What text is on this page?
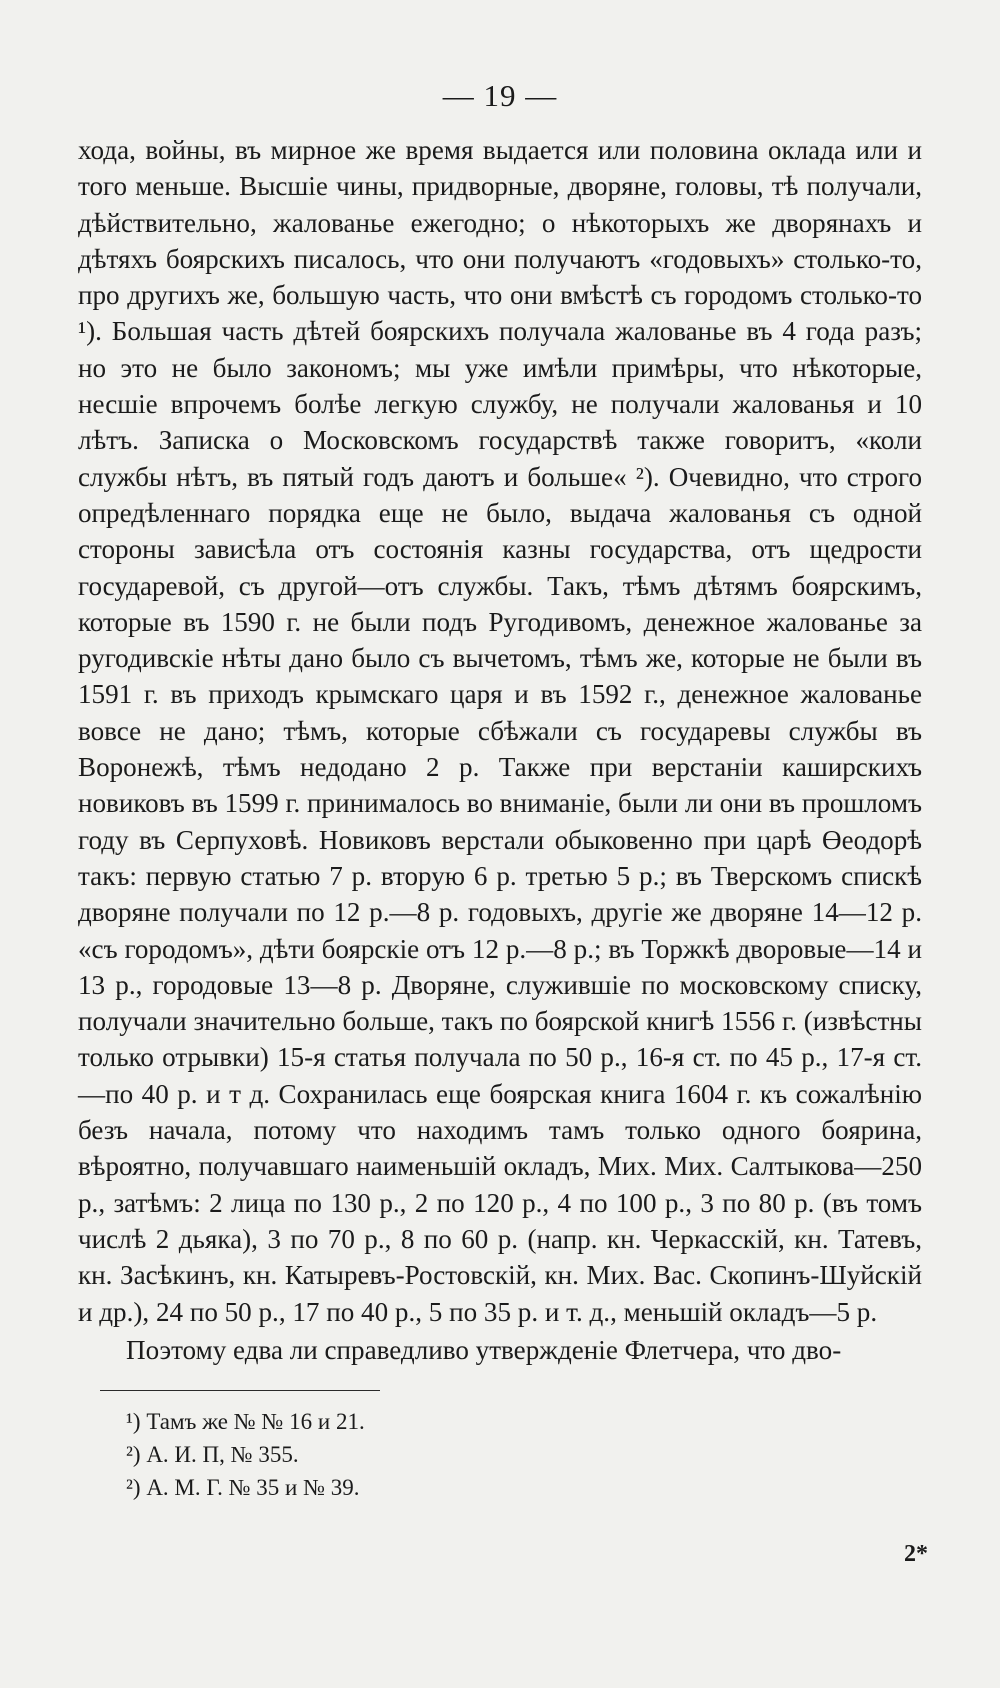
— 19 —

хода, войны, въ мирное же время выдается или половина оклада или и того меньше. Высшіе чины, придворные, дворяне, головы, тѣ получали, дѣйствительно, жалованье ежегодно; о нѣкоторыхъ же дворянахъ и дѣтяхъ боярскихъ писалось, что они получаютъ «годовыхъ» столько-то, про другихъ же, большую часть, что они вмѣстѣ съ городомъ столько-то ¹). Большая часть дѣтей боярскихъ получала жалованье въ 4 года разъ; но это не было закономъ; мы уже имѣли примѣры, что нѣкоторые, несшіе впрочемъ болѣе легкую службу, не получали жалованья и 10 лѣтъ. Записка о Московскомъ государствѣ также говоритъ, «коли службы нѣтъ, въ пятый годъ даютъ и больше« ²). Очевидно, что строго опредѣленнаго порядка еще не было, выдача жалованья съ одной стороны зависѣла отъ состоянія казны государства, отъ щедрости государевой, съ другой—отъ службы. Такъ, тѣмъ дѣтямъ боярскимъ, которые въ 1590 г. не были подъ Ругодивомъ, денежное жалованье за ругодивскіе нѣты дано было съ вычетомъ, тѣмъ же, которые не были въ 1591 г. въ приходъ крымскаго царя и въ 1592 г., денежное жалованье вовсе не дано; тѣмъ, которые сбѣжали съ государевы службы въ Воронежѣ, тѣмъ недодано 2 р. Также при верстаніи каширскихъ новиковъ въ 1599 г. принималось во вниманіе, были ли они въ прошломъ году въ Серпуховѣ. Новиковъ верстали обыковенно при царѣ Өеодорѣ такъ: первую статью 7 р. вторую 6 р. третью 5 р.; въ Тверскомъ спискѣ дворяне получали по 12 р.—8 р. годовыхъ, другіе же дворяне 14—12 р. «съ городомъ», дѣти боярскіе отъ 12 р.—8 р.; въ Торжкѣ дворовые—14 и 13 р., городовые 13—8 р. Дворяне, служившіе по московскому списку, получали значительно больше, такъ по боярской книгѣ 1556 г. (извѣстны только отрывки) 15-я статья получала по 50 р., 16-я ст. по 45 р., 17-я ст.—по 40 р. и т д. Сохранилась еще боярская книга 1604 г. къ сожалѣнію безъ начала, потому что находимъ тамъ только одного боярина, вѣроятно, получавшаго наименьшій окладъ, Мих. Мих. Салтыкова—250 р., затѣмъ: 2 лица по 130 р., 2 по 120 р., 4 по 100 р., 3 по 80 р. (въ томъ числѣ 2 дьяка), 3 по 70 р., 8 по 60 р. (напр. кн. Черкасскій, кн. Татевъ, кн. Засѣкинъ, кн. Катыревъ-Ростовскій, кн. Мих. Вас. Скопинъ-Шуйскій и др.), 24 по 50 р., 17 по 40 р., 5 по 35 р. и т. д., меньшій окладъ—5 р.

Поэтому едва ли справедливо утвержденіе Флетчера, что дво-

¹) Тамъ же № № 16 и 21.
²) А. И. П, № 355.
²) А. М. Г. № 35 и № 39.
2*
